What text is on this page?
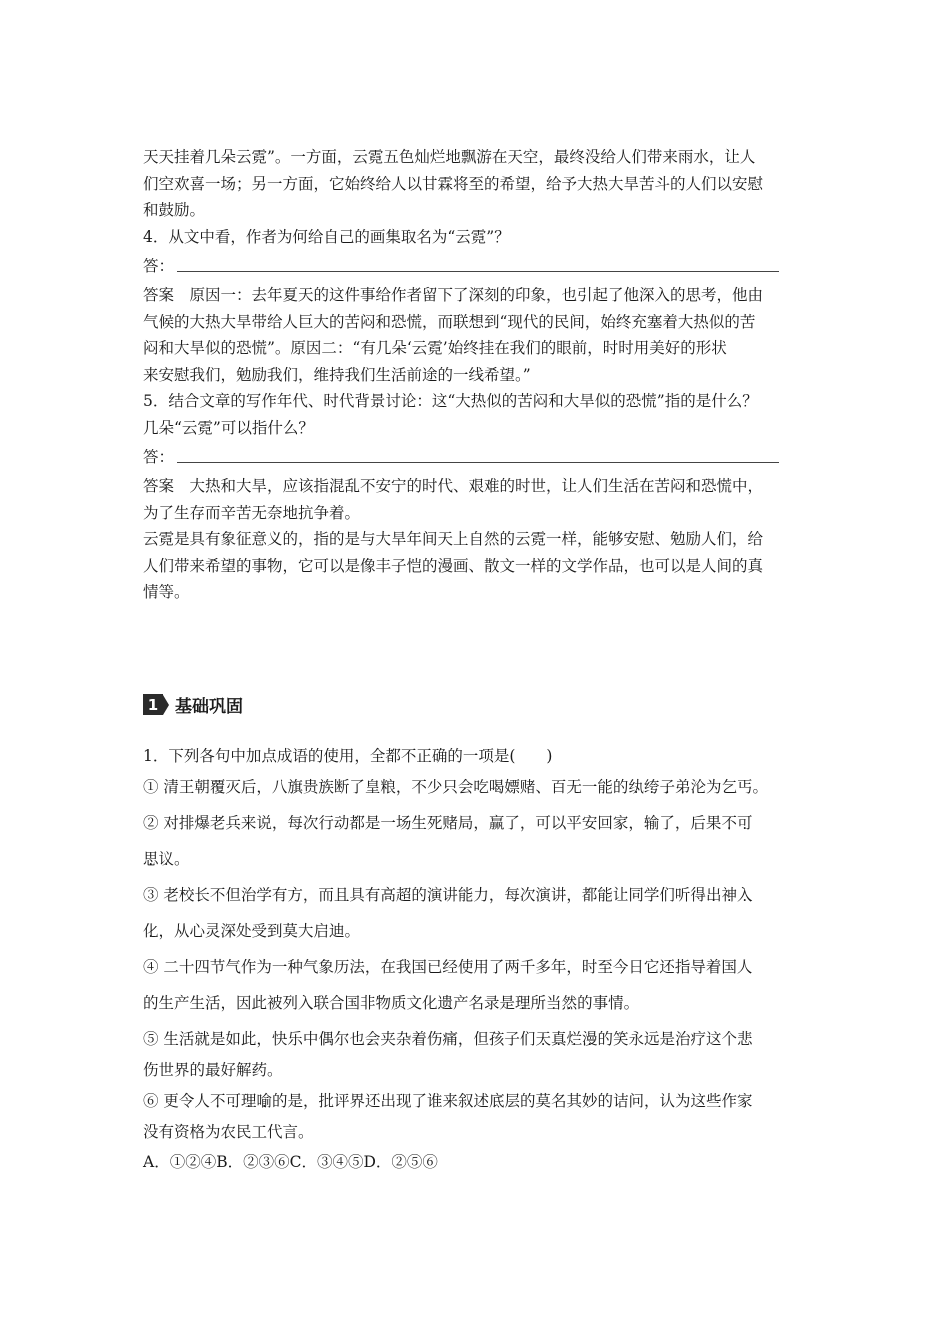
天天挂着几朵云霓”。一方面，云霓五色灿烂地飘游在天空，最终没给人们带来雨水，让人

们空欢喜一场；另一方面，它始终给人以甘霖将至的希望，给予大热大旱苦斗的人们以安慰

和鼓励。

4．从文中看，作者为何给自己的画集取名为“云霓”？

答：

答案　原因一：去年夏天的这件事给作者留下了深刻的印象，也引起了他深入的思考，他由

气候的大热大旱带给人巨大的苦闷和恐慌，而联想到“现代的民间，始终充塞着大热似的苦

闷和大旱似的恐慌”。原因二：“有几朵‘云霓’始终挂在我们的眼前，时时用美好的形状

来安慰我们，勉励我们，维持我们生活前途的一线希望。”

5．结合文章的写作年代、时代背景讨论：这“大热似的苦闷和大旱似的恐慌”指的是什么？

几朵“云霓”可以指什么？

答：

答案　大热和大旱，应该指混乱不安宁的时代、艰难的时世，让人们生活在苦闷和恐慌中，

为了生存而辛苦无奈地抗争着。

云霓是具有象征意义的，指的是与大旱年间天上自然的云霓一样，能够安慰、勉励人们，给

人们带来希望的事物，它可以是像丰子恺的漫画、散文一样的文学作品，也可以是人间的真

情等。

1 基础巩固

1．下列各句中加点成语的使用，全都不正确的一项是(　　)

① 清王朝覆灭后，八旗贵族断了皇粮，不少只会吃喝嫖赌、百无一能的纨绔子弟沦为乞丐。

② 对排爆老兵来说，每次行动都是一场生死赌局，赢了，可以平安回家，输了，后果不可

思议。

③ 老校长不但治学有方，而且具有高超的演讲能力，每次演讲，都能让同学们听得出神入

化，从心灵深处受到莫大启迪。

④ 二十四节气作为一种气象历法，在我国已经使用了两千多年，时至今日它还指导着国人

的生产生活，因此被列入联合国非物质文化遗产名录是理所当然的事情。

⑤ 生活就是如此，快乐中偶尔也会夹杂着伤痛，但孩子们天真烂漫的笑永远是治疗这个悲

伤世界的最好解药。

⑥ 更令人不可理喻的是，批评界还出现了谁来叙述底层的莫名其妙的诘问，认为这些作家

没有资格为农民工代言。

A．①②④B．②③⑥C．③④⑤D．②⑤⑥
